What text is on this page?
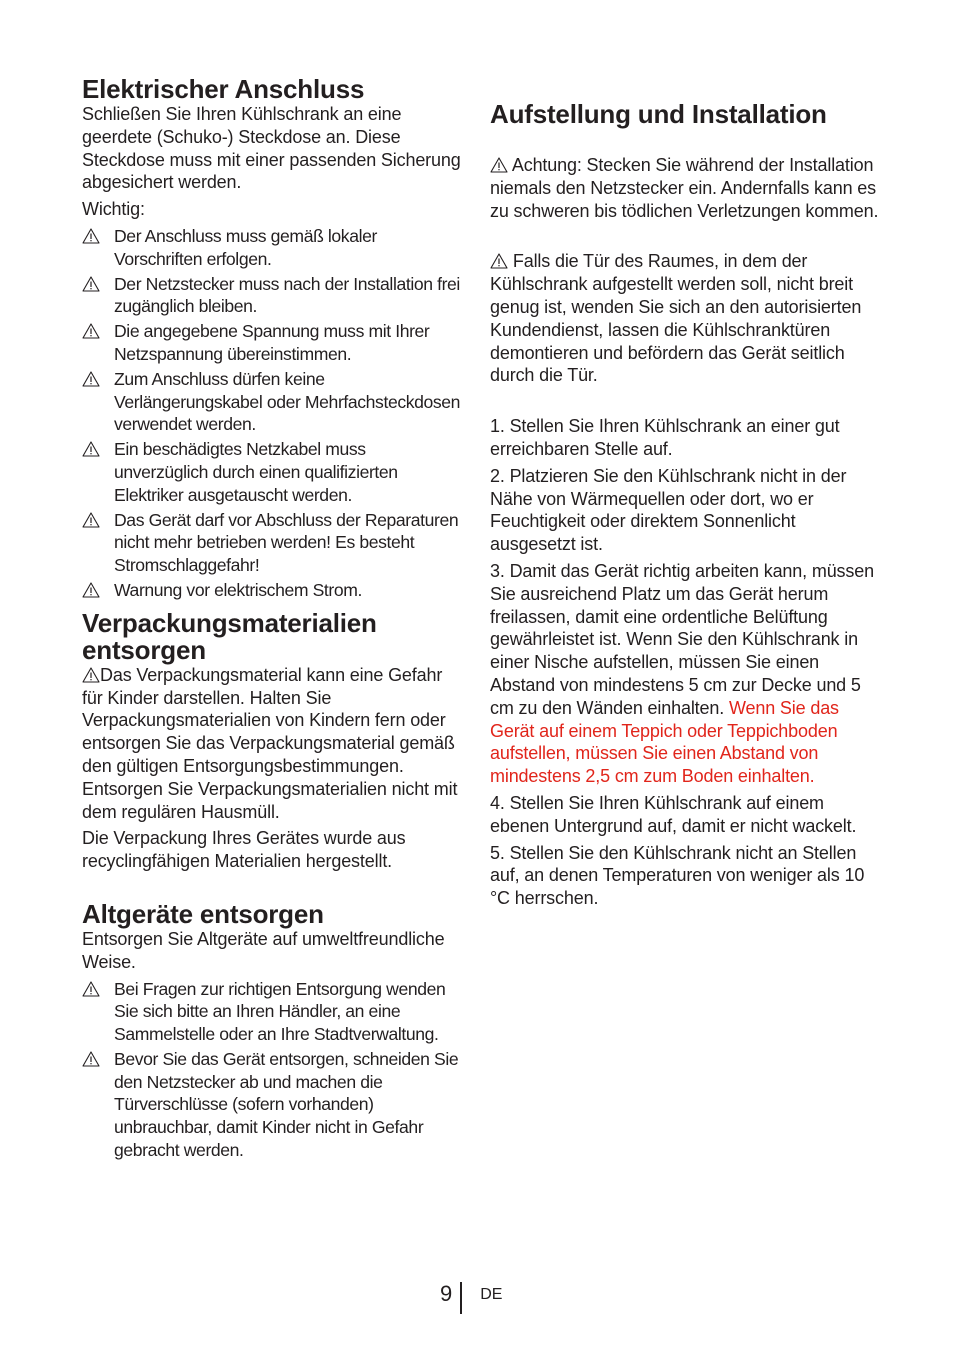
Elektrischer Anschluss

Schließen Sie Ihren Kühlschrank an eine geerdete (Schuko-) Steckdose an. Diese Steckdose muss mit einer passenden Sicherung abgesichert werden.

Wichtig:

Der Anschluss muss gemäß lokaler Vorschriften erfolgen.
Der Netzstecker muss nach der Installation frei zugänglich bleiben.
Die angegebene Spannung muss mit Ihrer Netzspannung übereinstimmen.
Zum Anschluss dürfen keine Verlängerungskabel oder Mehrfachsteckdosen verwendet werden.
Ein beschädigtes Netzkabel muss unverzüglich durch einen qualifizierten Elektriker ausgetauscht werden.
Das Gerät darf vor Abschluss der Reparaturen nicht mehr betrieben werden! Es besteht Stromschlaggefahr!
Warnung vor elektrischem Strom.
Verpackungsmaterialien
entsorgen

Das Verpackungsmaterial kann eine Gefahr für Kinder darstellen. Halten Sie Verpackungsmaterialien von Kindern fern oder entsorgen Sie das Verpackungsmaterial gemäß den gültigen Entsorgungsbestimmungen. Entsorgen Sie Verpackungsmaterialien nicht mit dem regulären Hausmüll.

Die Verpackung Ihres Gerätes wurde aus recyclingfähigen Materialien hergestellt.

Altgeräte entsorgen

Entsorgen Sie Altgeräte auf umweltfreundliche Weise.

Bei Fragen zur richtigen Entsorgung wenden Sie sich bitte an Ihren Händler, an eine Sammelstelle oder an Ihre Stadtverwaltung.
Bevor Sie das Gerät entsorgen, schneiden Sie den Netzstecker ab und machen die Türverschlüsse (sofern vorhanden) unbrauchbar, damit Kinder nicht in Gefahr gebracht werden.
Aufstellung und Installation

Achtung: Stecken Sie während der Installation niemals den Netzstecker ein. Andernfalls kann es zu schweren bis tödlichen Verletzungen kommen.

Falls die Tür des Raumes, in dem der Kühlschrank aufgestellt werden soll, nicht breit genug ist, wenden Sie sich an den autorisierten Kundendienst, lassen die Kühlschranktüren demontieren und befördern das Gerät seitlich durch die Tür.

1. Stellen Sie Ihren Kühlschrank an einer gut erreichbaren Stelle auf.

2. Platzieren Sie den Kühlschrank nicht in der Nähe von Wärmequellen oder dort, wo er Feuchtigkeit oder direktem Sonnenlicht ausgesetzt ist.

3. Damit das Gerät richtig arbeiten kann, müssen Sie ausreichend Platz um das Gerät herum freilassen, damit eine ordentliche Belüftung gewährleistet ist. Wenn Sie den Kühlschrank in einer Nische aufstellen, müssen Sie einen Abstand von mindestens 5 cm zur Decke und 5 cm zu den Wänden einhalten. Wenn Sie das Gerät auf einem Teppich oder Teppichboden aufstellen, müssen Sie einen Abstand von mindestens 2,5 cm zum Boden einhalten.

4. Stellen Sie Ihren Kühlschrank auf einem ebenen Untergrund auf, damit er nicht wackelt.

5. Stellen Sie den Kühlschrank nicht an Stellen auf, an denen Temperaturen von weniger als 10 °C herrschen.

9	DE
